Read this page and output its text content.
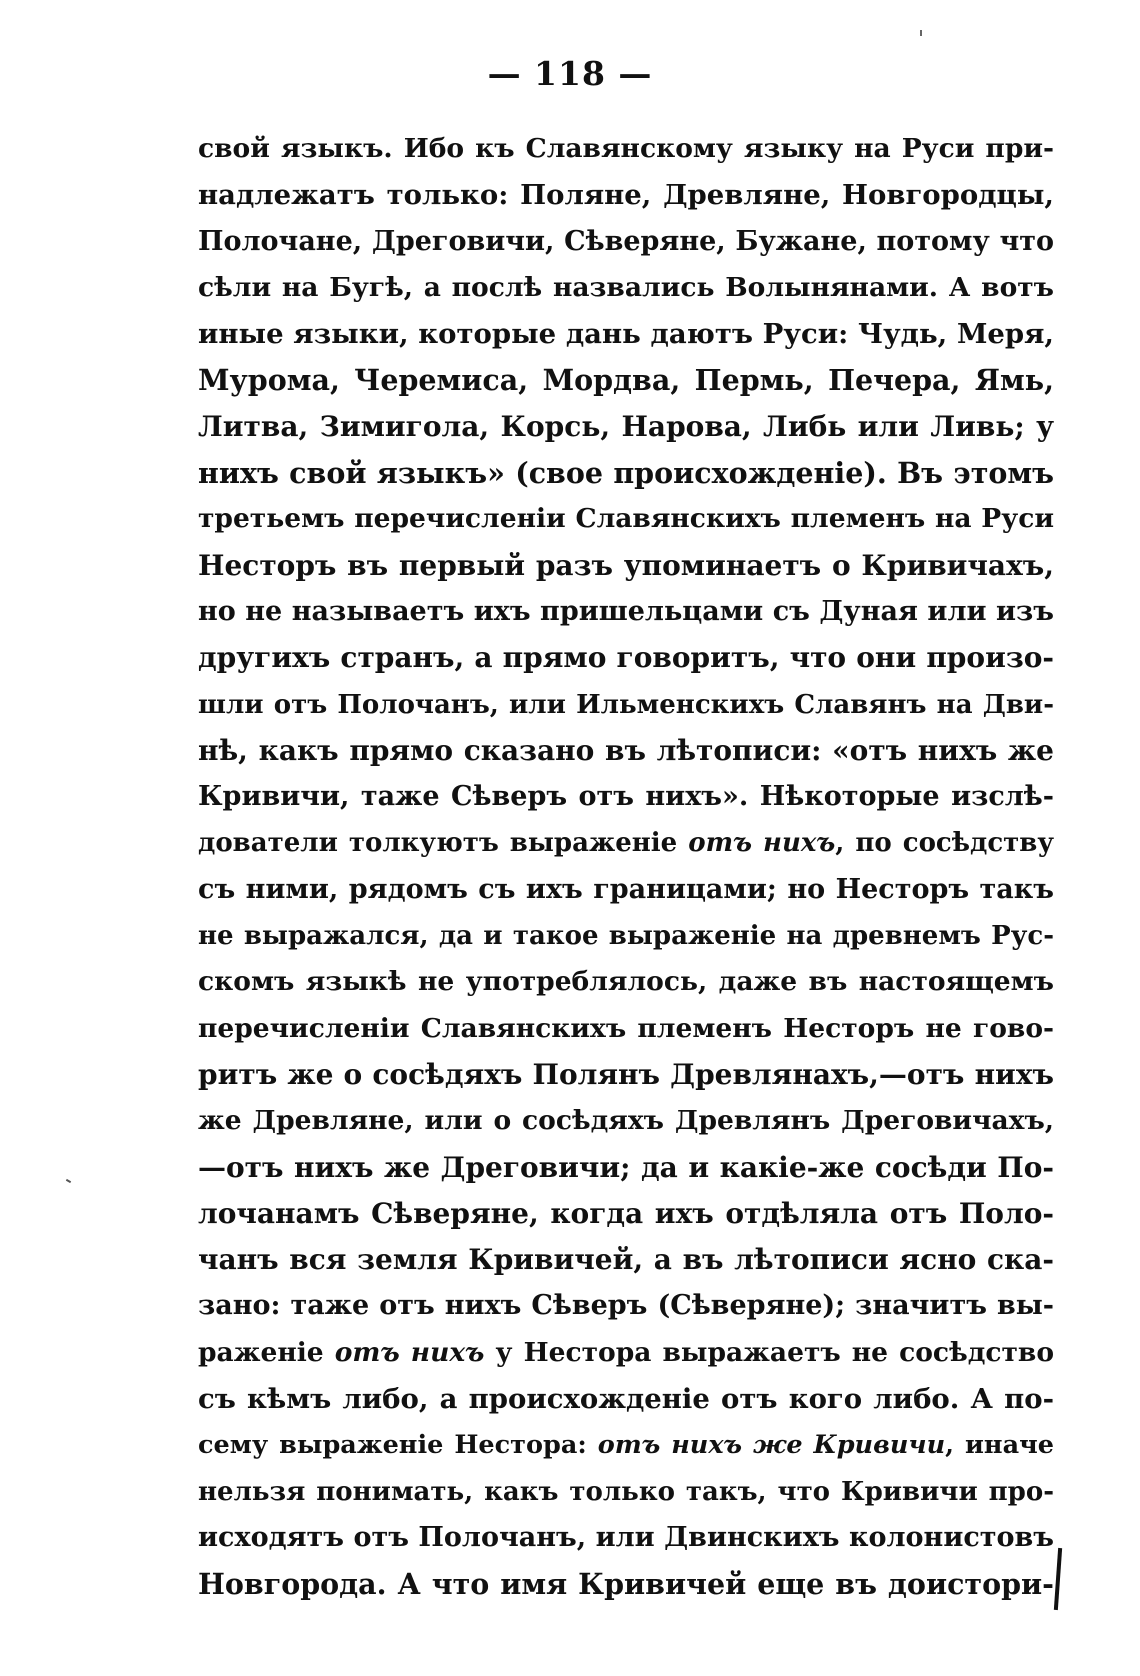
— 118 —
свой языкъ. Ибо къ Славянскому языку на Руси при-
надлежатъ только: Поляне, Древляне, Новгородцы,
Полочане, Дреговичи, Сѣверяне, Бужане, потому что
сѣли на Бугѣ, а послѣ назвались Волынянами. А вотъ
иные языки, которые дань даютъ Руси: Чудь, Меря,
Мурома, Черемиса, Мордва, Пермь, Печера, Ямь,
Литва, Зимигола, Корсь, Нарова, Либь или Ливь; у
нихъ свой языкъ» (свое происхожденіе). Въ этомъ
третьемъ перечисленіи Славянскихъ племенъ на Руси
Несторъ въ первый разъ упоминаетъ о Кривичахъ,
но не называетъ ихъ пришельцами съ Дуная или изъ
другихъ странъ, а прямо говоритъ, что они произо-
шли отъ Полочанъ, или Ильменскихъ Славянъ на Дви-
нѣ, какъ прямо сказано въ лѣтописи: «отъ нихъ же
Кривичи, таже Сѣверъ отъ нихъ». Нѣкоторые изслѣ-
дователи толкуютъ выраженіе отъ нихъ, по сосѣдству
съ ними, рядомъ съ ихъ границами; но Несторъ такъ
не выражался, да и такое выраженіе на древнемъ Рус-
скомъ языкѣ не употреблялось, даже въ настоящемъ
перечисленіи Славянскихъ племенъ Несторъ не гово-
ритъ же о сосѣдяхъ Полянъ Древлянахъ,—отъ нихъ
же Древляне, или о сосѣдяхъ Древлянъ Дреговичахъ,
—отъ нихъ же Дреговичи; да и какіе-же сосѣди По-
лочанамъ Сѣверяне, когда ихъ отдѣляла отъ Поло-
чанъ вся земля Кривичей, а въ лѣтописи ясно ска-
зано: таже отъ нихъ Сѣверъ (Сѣверяне); значитъ вы-
раженіе отъ нихъ у Нестора выражаетъ не сосѣдство
съ кѣмъ либо, а происхожденіе отъ кого либо. А по-
сему выраженіе Нестора: отъ нихъ же Кривичи, иначе
нельзя понимать, какъ только такъ, что Кривичи про-
исходятъ отъ Полочанъ, или Двинскихъ колонистовъ
Новгорода. А что имя Кривичей еще въ доистори-
